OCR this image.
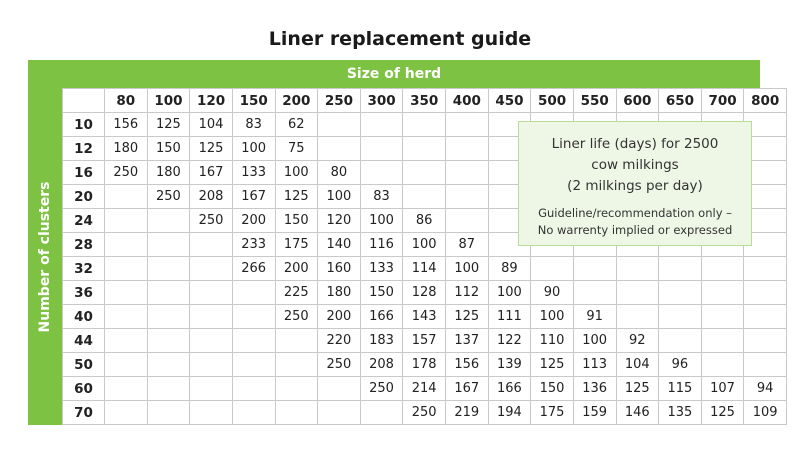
Liner replacement guide
Size of herd
Number of clusters
	80	100	120	150	200	250	300	350	400	450	500	550	600	650	700	800
10	156	125	104	83	62											
12	180	150	125	100	75											
16	250	180	167	133	100	80										
20		250	208	167	125	100	83									
24			250	200	150	120	100	86								
28				233	175	140	116	100	87							
32				266	200	160	133	114	100	89						
36					225	180	150	128	112	100	90					
40					250	200	166	143	125	111	100	91				
44						220	183	157	137	122	110	100	92			
50						250	208	178	156	139	125	113	104	96		
60							250	214	167	166	150	136	125	115	107	94
70								250	219	194	175	159	146	135	125	109
Liner life (days) for 2500
cow milkings
(2 milkings per day)
Guideline/recommendation only –
No warrenty implied or expressed
